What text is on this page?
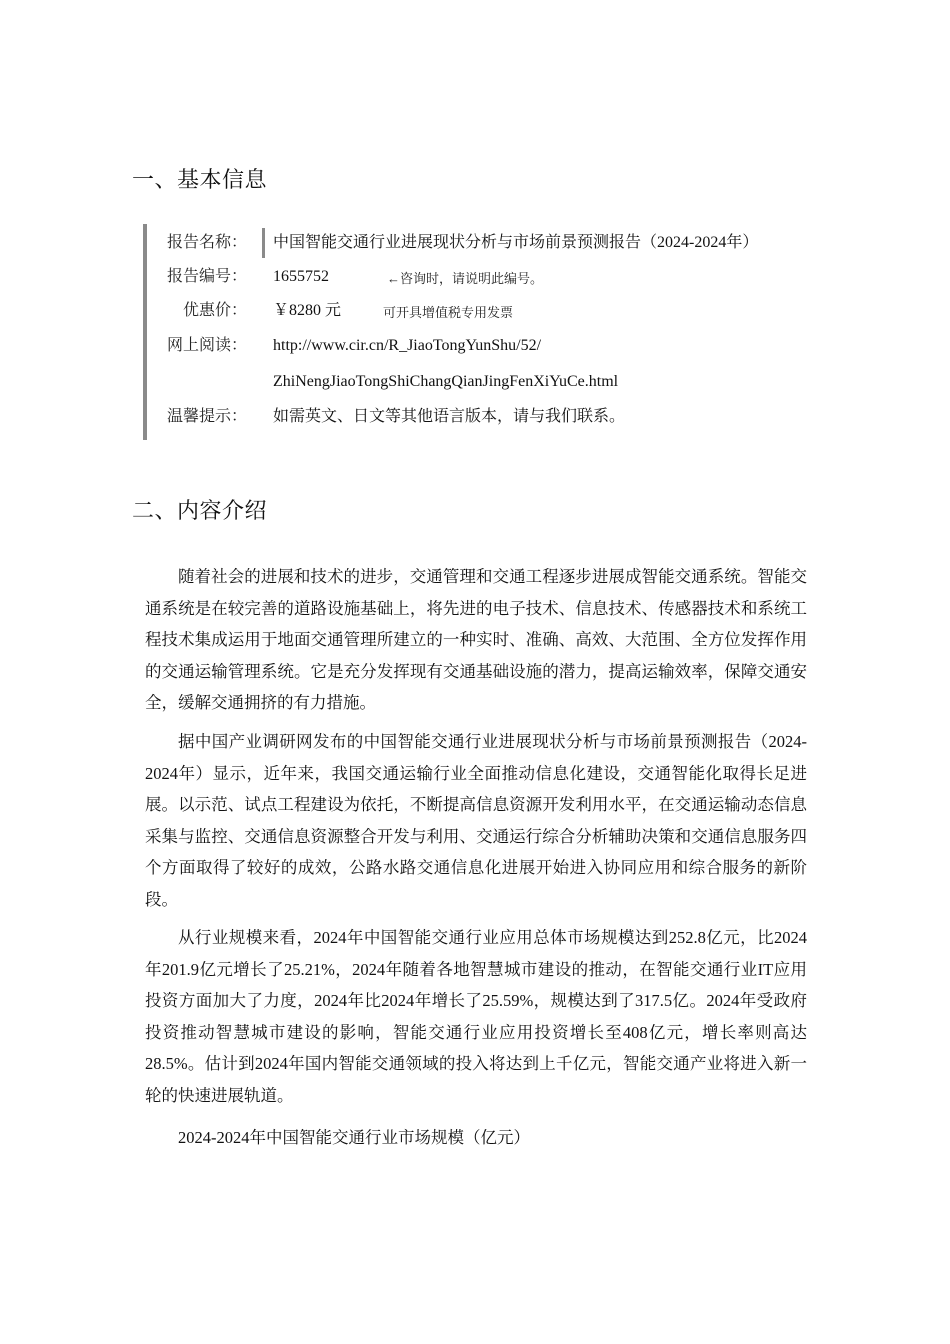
一、基本信息
报告名称： 中国智能交通行业进展现状分析与市场前景预测报告（2024-2024年）
报告编号： 1655752	←咨询时，请说明此编号。
优惠价： ￥8280 元	可开具增值税专用发票
网上阅读： http://www.cir.cn/R_JiaoTongYunShu/52/
ZhiNengJiaoTongShiChangQianJingFenXiYuCe.html
温馨提示： 如需英文、日文等其他语言版本，请与我们联系。
二、内容介绍

随着社会的进展和技术的进步，交通管理和交通工程逐步进展成智能交通系统。智能交通系统是在较完善的道路设施基础上，将先进的电子技术、信息技术、传感器技术和系统工程技术集成运用于地面交通管理所建立的一种实时、准确、高效、大范围、全方位发挥作用的交通运输管理系统。它是充分发挥现有交通基础设施的潜力，提高运输效率，保障交通安全，缓解交通拥挤的有力措施。

据中国产业调研网发布的中国智能交通行业进展现状分析与市场前景预测报告（2024-2024年）显示，近年来，我国交通运输行业全面推动信息化建设，交通智能化取得长足进展。以示范、试点工程建设为依托，不断提高信息资源开发利用水平，在交通运输动态信息采集与监控、交通信息资源整合开发与利用、交通运行综合分析辅助决策和交通信息服务四个方面取得了较好的成效，公路水路交通信息化进展开始进入协同应用和综合服务的新阶段。

从行业规模来看，2024年中国智能交通行业应用总体市场规模达到252.8亿元，比2024年201.9亿元增长了25.21%，2024年随着各地智慧城市建设的推动，在智能交通行业IT应用投资方面加大了力度，2024年比2024年增长了25.59%，规模达到了317.5亿。2024年受政府投资推动智慧城市建设的影响，智能交通行业应用投资增长至408亿元，增长率则高达28.5%。估计到2024年国内智能交通领域的投入将达到上千亿元，智能交通产业将进入新一轮的快速进展轨道。

2024-2024年中国智能交通行业市场规模（亿元）
